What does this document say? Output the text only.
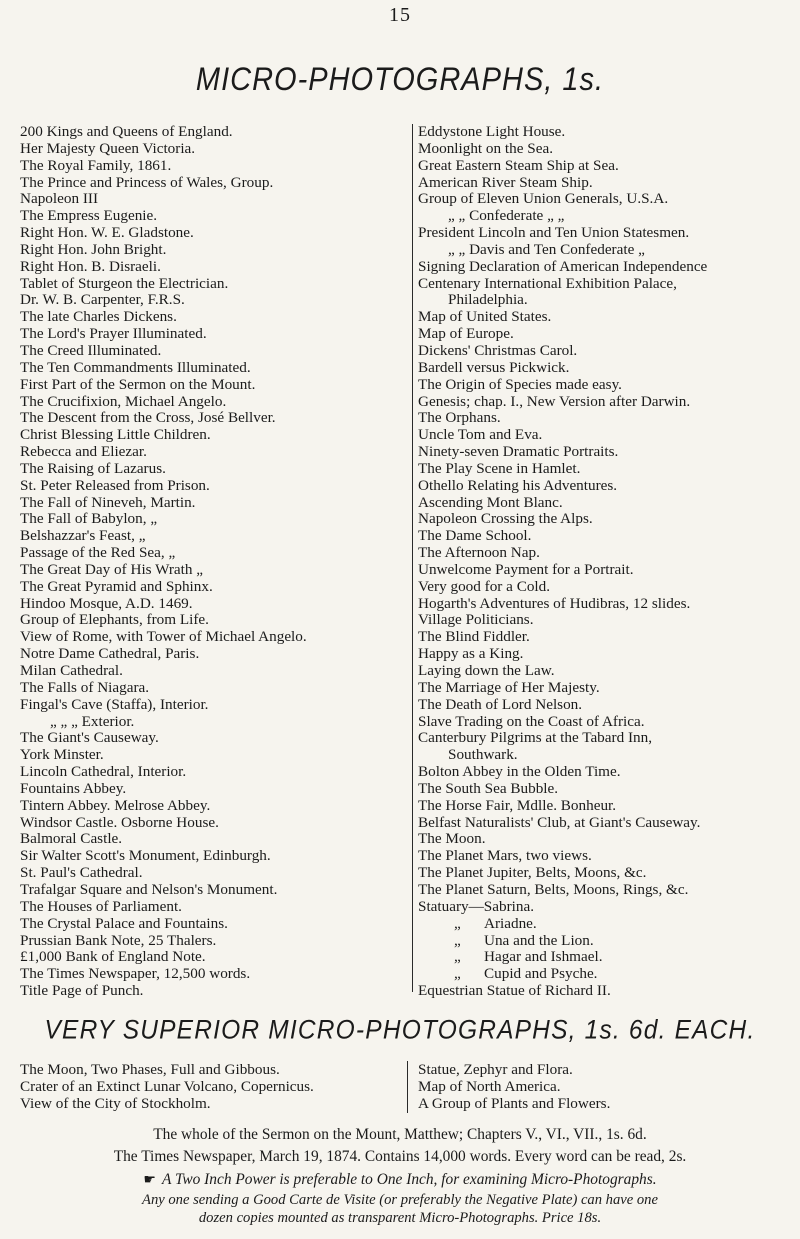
15
MICRO-PHOTOGRAPHS, 1s.
200 Kings and Queens of England.
Her Majesty Queen Victoria.
The Royal Family, 1861.
The Prince and Princess of Wales, Group.
Napoleon III
The Empress Eugenie.
Right Hon. W. E. Gladstone.
Right Hon. John Bright.
Right Hon. B. Disraeli.
Tablet of Sturgeon the Electrician.
Dr. W. B. Carpenter, F.R.S.
The late Charles Dickens.
The Lord's Prayer Illuminated.
The Creed Illuminated.
The Ten Commandments Illuminated.
First Part of the Sermon on the Mount.
The Crucifixion, Michael Angelo.
The Descent from the Cross, José Bellver.
Christ Blessing Little Children.
Rebecca and Eliezar.
The Raising of Lazarus.
St. Peter Released from Prison.
The Fall of Nineveh, Martin.
The Fall of Babylon, „
Belshazzar's Feast, „
Passage of the Red Sea, „
The Great Day of His Wrath „
The Great Pyramid and Sphinx.
Hindoo Mosque, A.D. 1469.
Group of Elephants, from Life.
View of Rome, with Tower of Michael Angelo.
Notre Dame Cathedral, Paris.
Milan Cathedral.
The Falls of Niagara.
Fingal's Cave (Staffa), Interior.
„ „ „ Exterior.
The Giant's Causeway.
York Minster.
Lincoln Cathedral, Interior.
Fountains Abbey.
Tintern Abbey. Melrose Abbey.
Windsor Castle. Osborne House.
Balmoral Castle.
Sir Walter Scott's Monument, Edinburgh.
St. Paul's Cathedral.
Trafalgar Square and Nelson's Monument.
The Houses of Parliament.
The Crystal Palace and Fountains.
Prussian Bank Note, 25 Thalers.
£1,000 Bank of England Note.
The Times Newspaper, 12,500 words.
Title Page of Punch.
Eddystone Light House.
Moonlight on the Sea.
Great Eastern Steam Ship at Sea.
American River Steam Ship.
Group of Eleven Union Generals, U.S.A.
„ „ Confederate „ „
President Lincoln and Ten Union Statesmen.
„ „ Davis and Ten Confederate „
Signing Declaration of American Independence
Centenary International Exhibition Palace,
Philadelphia.
Map of United States.
Map of Europe.
Dickens' Christmas Carol.
Bardell versus Pickwick.
The Origin of Species made easy.
Genesis; chap. I., New Version after Darwin.
The Orphans.
Uncle Tom and Eva.
Ninety-seven Dramatic Portraits.
The Play Scene in Hamlet.
Othello Relating his Adventures.
Ascending Mont Blanc.
Napoleon Crossing the Alps.
The Dame School.
The Afternoon Nap.
Unwelcome Payment for a Portrait.
Very good for a Cold.
Hogarth's Adventures of Hudibras, 12 slides.
Village Politicians.
The Blind Fiddler.
Happy as a King.
Laying down the Law.
The Marriage of Her Majesty.
The Death of Lord Nelson.
Slave Trading on the Coast of Africa.
Canterbury Pilgrims at the Tabard Inn,
Southwark.
Bolton Abbey in the Olden Time.
The South Sea Bubble.
The Horse Fair, Mdlle. Bonheur.
Belfast Naturalists' Club, at Giant's Causeway.
The Moon.
The Planet Mars, two views.
The Planet Jupiter, Belts, Moons, &c.
The Planet Saturn, Belts, Moons, Rings, &c.
Statuary—Sabrina.
„ Ariadne.
„ Una and the Lion.
„ Hagar and Ishmael.
„ Cupid and Psyche.
Equestrian Statue of Richard II.
VERY SUPERIOR MICRO-PHOTOGRAPHS, 1s. 6d. EACH.
The Moon, Two Phases, Full and Gibbous.
Crater of an Extinct Lunar Volcano, Copernicus.
View of the City of Stockholm.
Statue, Zephyr and Flora.
Map of North America.
A Group of Plants and Flowers.
The whole of the Sermon on the Mount, Matthew; Chapters V., VI., VII., 1s. 6d.
The Times Newspaper, March 19, 1874. Contains 14,000 words. Every word can be read, 2s.
☛ A Two Inch Power is preferable to One Inch, for examining Micro-Photographs.
Any one sending a Good Carte de Visite (or preferably the Negative Plate) can have one
dozen copies mounted as transparent Micro-Photographs. Price 18s.
